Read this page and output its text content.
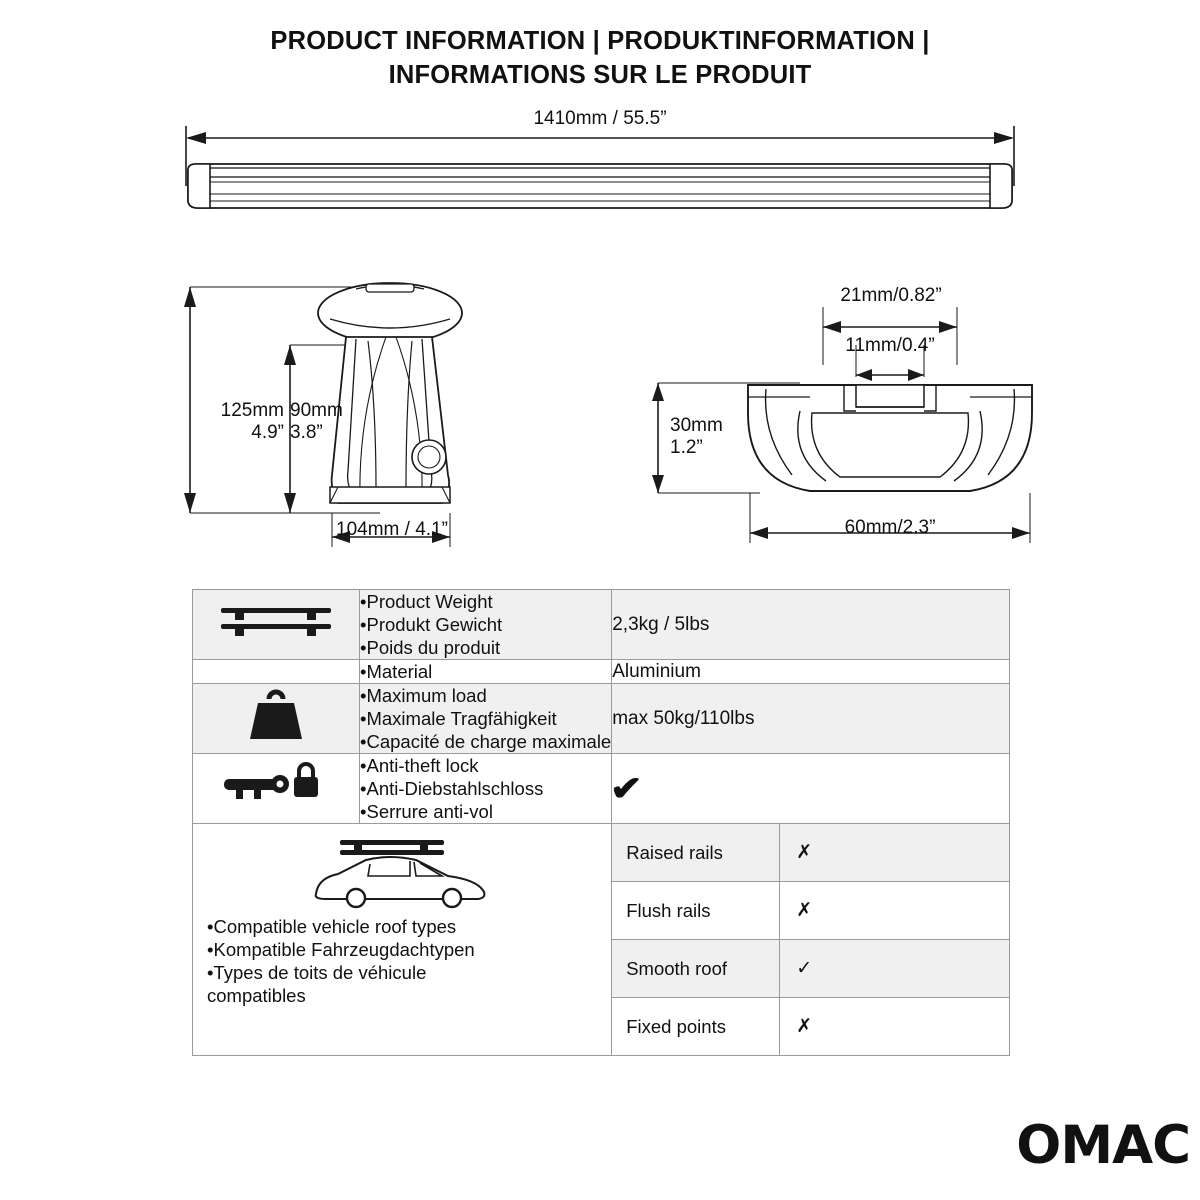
PRODUCT INFORMATION | PRODUKTINFORMATION |
INFORMATIONS SUR LE PRODUIT
1410mm / 55.5”
125mm
4.9”
90mm
3.8”
104mm / 4.1”
21mm/0.82”
11mm/0.4”
30mm
1.2”
60mm/2.3”

•Product Weight
•Produkt Gewicht
•Poids du produit
	2,3kg / 5lbs

•Material	Aluminium

•Maximum load
•Maximale Tragfähigkeit
•Capacité de charge maximale
	max 50kg/110lbs

•Anti-theft lock
•Anti-Diebstahlschloss
•Serrure anti-vol
	✔

•Compatible vehicle roof types
•Kompatible Fahrzeugdachtypen
•Types de toits de véhicule
compatibles

Raised rails	✗
Flush rails	✗
Smooth roof	✓
Fixed points	✗
OMAC
